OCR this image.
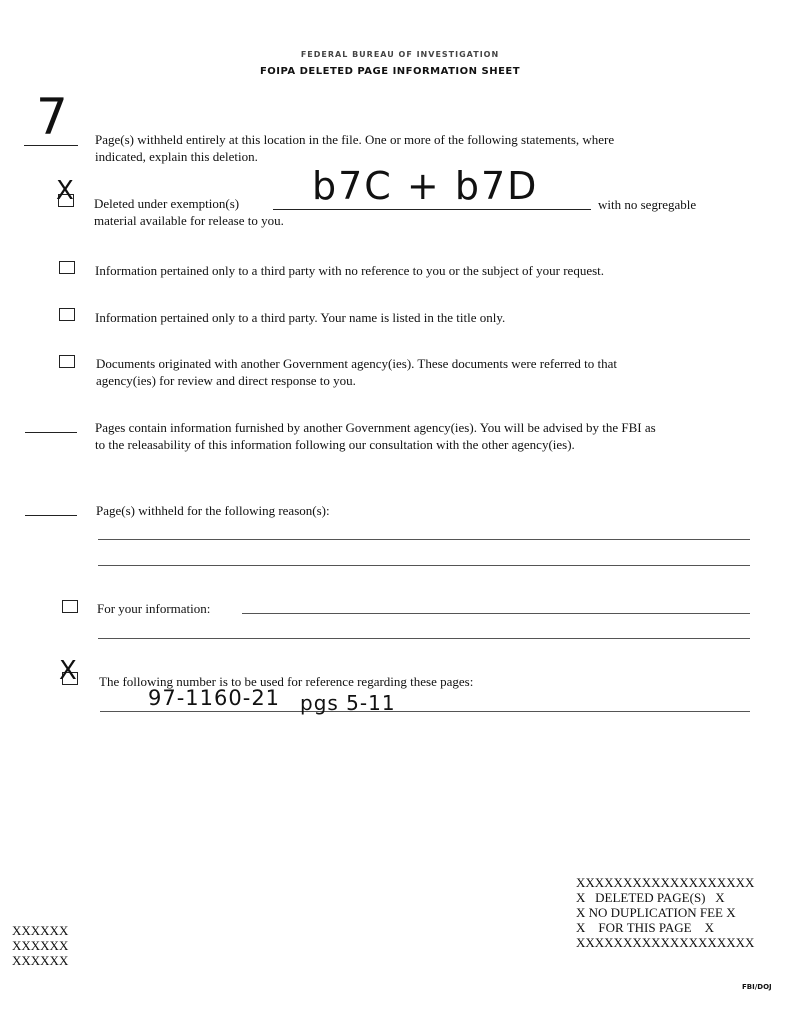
FEDERAL BUREAU OF INVESTIGATION
FOIPA DELETED PAGE INFORMATION SHEET
7 Page(s) withheld entirely at this location in the file. One or more of the following statements, where
indicated, explain this deletion.
X Deleted under exemption(s) b7C + b7D	with no segregable
material available for release to you.
Information pertained only to a third party with no reference to you or the subject of your request.
Information pertained only to a third party. Your name is listed in the title only.
Documents originated with another Government agency(ies). These documents were referred to that
agency(ies) for review and direct response to you.
Pages contain information furnished by another Government agency(ies). You will be advised by the FBI as
to the releasability of this information following our consultation with the other agency(ies).
Page(s) withheld for the following reason(s):
For your information:
X The following number is to be used for reference regarding these pages:
97-1160-21 pgs 5-11
XXXXXXXXXXXXXXXXXXX
X   DELETED PAGE(S)   X
X NO DUPLICATION FEE X
X    FOR THIS PAGE    X
XXXXXXXXXXXXXXXXXXX
XXXXXX
XXXXXX
XXXXXX
FBI/DOJ
